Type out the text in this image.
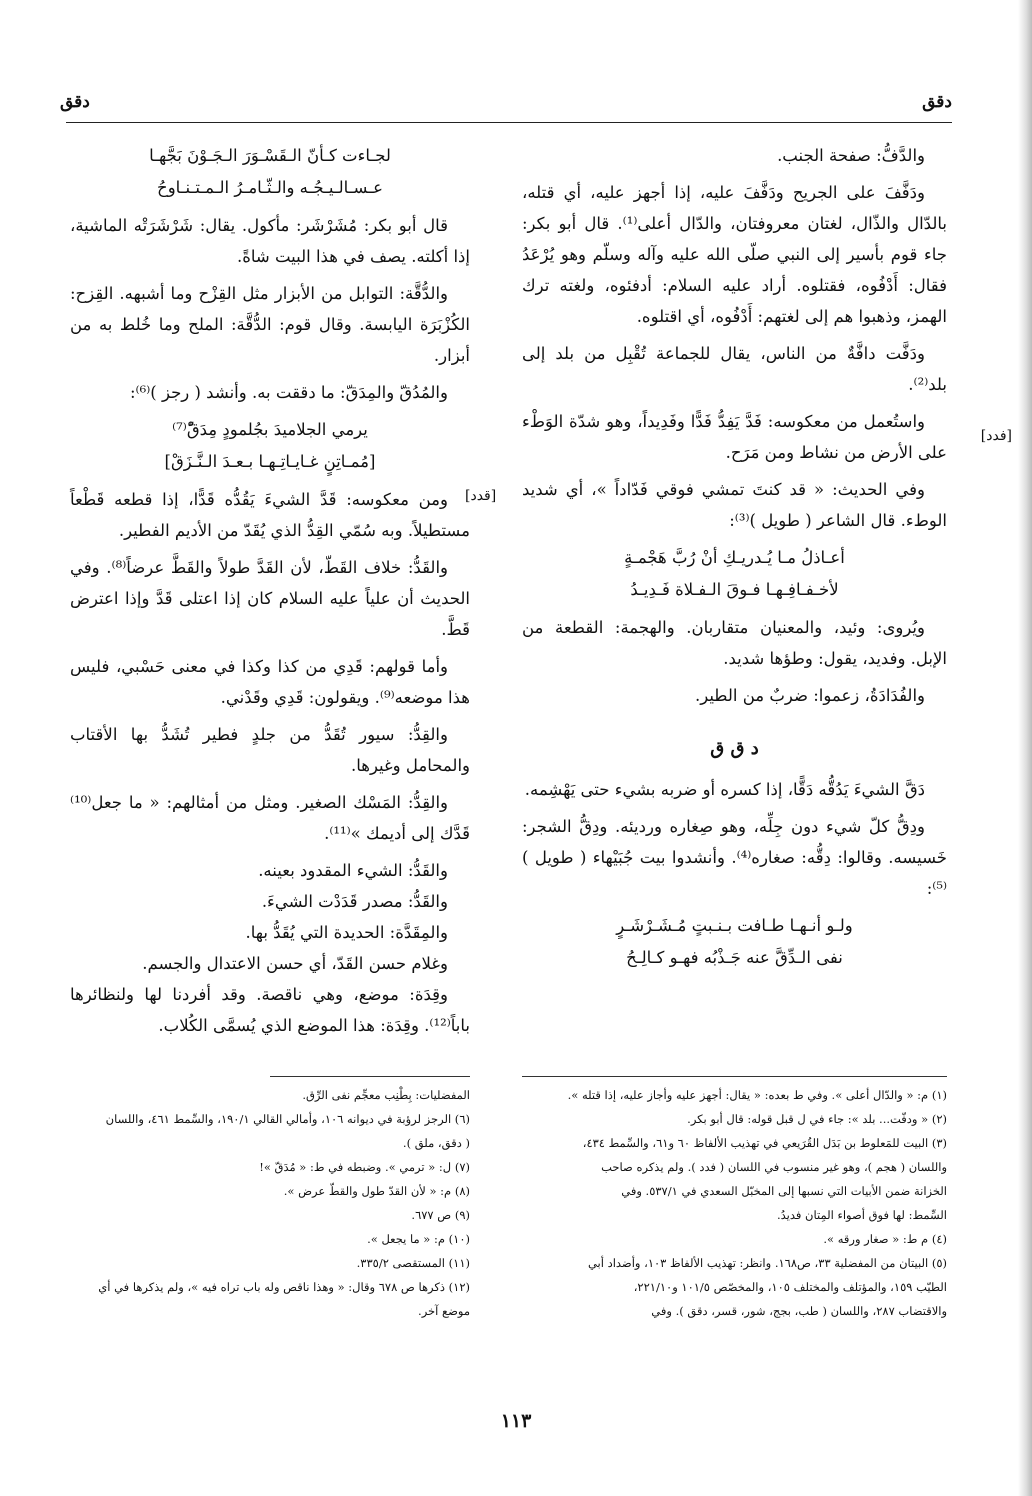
دقق
دقق
[فدد]
[قدد]

والدَّفُّ: صفحة الجنب.

ودَفَّفَ على الجريح ودَفَّفَ عليه، إذا أجهز عليه، أي قتله، بالدّال والذّال، لغتان معروفتان، والدّال أعلى⁽¹⁾. قال أبو بكر: جاء قوم بأسير إلى النبي صلّى الله عليه وآله وسلّم وهو يُرْعَدُ فقال: أَدْفُوه، فقتلوه. أراد عليه السلام: أدفئوه، ولغته ترك الهمز، وذهبوا هم إلى لغتهم: أَدْفُوه، أي اقتلوه.

ودَفَّت دافَّةٌ من الناس، يقال للجماعة تُقْبِل من بلد إلى بلد⁽²⁾.

واستُعمل من معكوسه: فَدَّ يَفِدُّ فَدًّا وفَدِيداً، وهو شدّة الوَطْء على الأرض من نشاط ومن مَرَح.

وفي الحديث: « قد كنتَ تمشي فوقي فَدّاداً »، أي شديد الوطء. قال الشاعر ( طويل )⁽³⁾:

أعـاذلُ مـا يُـدريـكِ أنْ رُبَّ هَجْمـةٍ
لأخـفـافِـهـا فـوقَ الـفـلاة فَـدِيـدُ

ويُروى: وئيد، والمعنيان متقاربان. والهجمة: القطعة من الإبل. وفديد، يقول: وطؤها شديد.

والفُدَادَةُ، زعموا: ضربٌ من الطير.

د ق ق

دَقَّ الشيءَ يَدُقُّه دَقًّا، إذا كسره أو ضربه بشيء حتى يَهْشِمه.

ودِقُّ كلّ شيء دون جِلِّه، وهو صِغاره ورديئه. ودِقُّ الشجر: خَسيسه. وقالوا: دِقُّه: صغاره⁽⁴⁾. وأنشدوا بيت جُبَيْهاء ( طويل )⁽⁵⁾:

ولـو أنـهـا طـافت بـنـبتٍ مُـشَـرْشَـرٍ
نفى الـدِّقَّ عنه جَـذْبُه فهـو كـالِـحُ
لجـاءت كـأنّ الـقَسْـوَرَ الـجَـوْنَ بَجَّهـا
عـسـالـيـجُـه والـثّـامـرُ الـمـتـنـاوحُ

قال أبو بكر: مُشَرْشَر: مأكول. يقال: شَرْشَرَتْه الماشية، إذا أكلته. يصف في هذا البيت شاةً.

والدُّقَّة: التوابل من الأبزار مثل القِزْح وما أشبهه. القِزح: الكُزْبَرَة اليابسة. وقال قوم: الدُّقَّة: الملح وما خُلط به من أبزار.

والمُدُقّ والمِدَقّ: ما دققت به. وأنشد ( رجز )⁽⁶⁾:

يرمي الجلاميدَ بجُلمودٍ مِدَقّْ⁽⁷⁾
[مُمـاتِنٍ غـايـاتِـهـا بـعـدَ الـنَّـزَقْ]

ومن معكوسه: قَدَّ الشيءَ يَقُدُّه قَدًّا، إذا قطعه قَطْعاً مستطيلاً. وبه سُمّي القِدُّ الذي يُقَدّ من الأديم الفطير.

والقَدُّ: خلاف القَطّ، لأن القَدَّ طولاً والقَطَّ عرضاً⁽⁸⁾. وفي الحديث أن علياً عليه السلام كان إذا اعتلى قَدَّ وإذا اعترض قَطَّ.

وأما قولهم: قَدِي من كذا وكذا في معنى حَسْبي، فليس هذا موضعه⁽⁹⁾. ويقولون: قَدِي وقَدْني.

والقِدُّ: سيور تُقَدُّ من جلدٍ فطير تُشَدُّ بها الأقتاب والمحامل وغيرها.

والقِدُّ: المَسْك الصغير. ومثل من أمثالهم: « ما جعل⁽¹⁰⁾ قَدَّك إلى أديمك »⁽¹¹⁾.

والقَدُّ: الشيء المقدود بعينه.

والقَدُّ: مصدر قَدَدْت الشيءَ.

والمِقَدَّة: الحديدة التي يُقَدُّ بها.

وغلام حسن القَدّ، أي حسن الاعتدال والجسم.

وقِدَة: موضع، وهي ناقصة. وقد أفردنا لها ولنظائرها باباً⁽¹²⁾. وقِدَة: هذا الموضع الذي يُسمَّى الكُلاب.

(١) م: « والدّال أعلى ». وفي ط بعده: « يقال: أجهز عليه وأجاز عليه، إذا قتله ».
(٢) « ودفّت... بلد »: جاء في ل قبل قوله: قال أبو بكر.
(٣) البيت للمَعلوط بن بَدَل القُرَيعي في تهذيب الألفاظ ٦٠ و٦١، والسِّمط ٤٣٤،
واللسان ( هجم )، وهو غير منسوب في اللسان ( فدد ). ولم يذكره صاحب
الخزانة ضمن الأبيات التي نسبها إلى المخبّل السعدي في ٥٣٧/١. وفي
السِّمط: لها فوق أصواء المِتان فديدُ.
(٤) م ط: « صغار ورقه ».
(٥) البيتان من المفضلية ٣٣، ص١٦٨. وانظر: تهذيب الألفاظ ١٠٣، وأضداد أبي
الطيّب ١٥٩، والمؤتلف والمختلف ١٠٥، والمخصّص ١٠١/٥ و٢٢١/١٠،
والاقتضاب ٢٨٧، واللسان ( طب، بجج، شور، قسر، دقق ). وفي
المفضليات: بِطْنِب معجِّم نفى الرِّق.
(٦) الرجز لرؤبة في ديوانه ١٠٦، وأمالي القالي ١٩٠/١، والسِّمط ٤٦١، واللسان
( دقق، ملق ).
(٧) ل: « ترمي ». وضبطه في ط: « مُدَقّ »!
(٨) م: « لأن القدّ طول والقطّ عرض ».
(٩) ص ٦٧٧.
(١٠) م: « ما يجعل ».
(١١) المستقصى ٣٣٥/٢.
(١٢) ذكرها ص ٦٧٨ وقال: « وهذا ناقص وله باب تراه فيه »، ولم يذكرها في أي
موضع آخر.
١١٣
